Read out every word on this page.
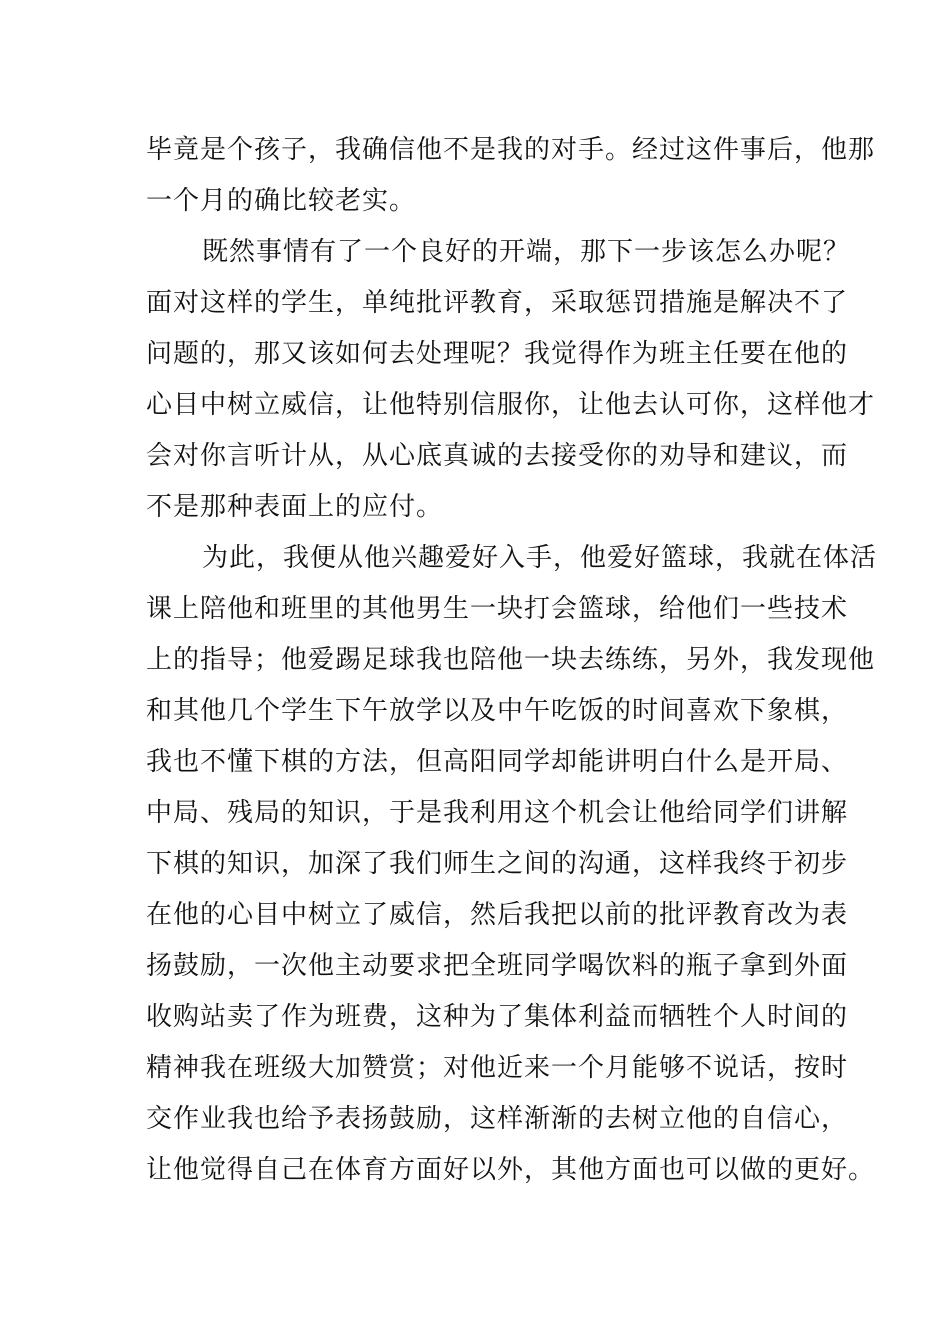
毕竟是个孩子，我确信他不是我的对手。经过这件事后，他那
一个月的确比较老实。
既然事情有了一个良好的开端，那下一步该怎么办呢？
面对这样的学生，单纯批评教育，采取惩罚措施是解决不了
问题的，那又该如何去处理呢？我觉得作为班主任要在他的
心目中树立威信，让他特别信服你，让他去认可你，这样他才
会对你言听计从，从心底真诚的去接受你的劝导和建议，而
不是那种表面上的应付。
为此，我便从他兴趣爱好入手，他爱好篮球，我就在体活
课上陪他和班里的其他男生一块打会篮球，给他们一些技术
上的指导；他爱踢足球我也陪他一块去练练，另外，我发现他
和其他几个学生下午放学以及中午吃饭的时间喜欢下象棋，
我也不懂下棋的方法，但高阳同学却能讲明白什么是开局、
中局、残局的知识，于是我利用这个机会让他给同学们讲解
下棋的知识，加深了我们师生之间的沟通，这样我终于初步
在他的心目中树立了威信，然后我把以前的批评教育改为表
扬鼓励，一次他主动要求把全班同学喝饮料的瓶子拿到外面
收购站卖了作为班费，这种为了集体利益而牺牲个人时间的
精神我在班级大加赞赏；对他近来一个月能够不说话，按时
交作业我也给予表扬鼓励，这样渐渐的去树立他的自信心，
让他觉得自己在体育方面好以外，其他方面也可以做的更好。
